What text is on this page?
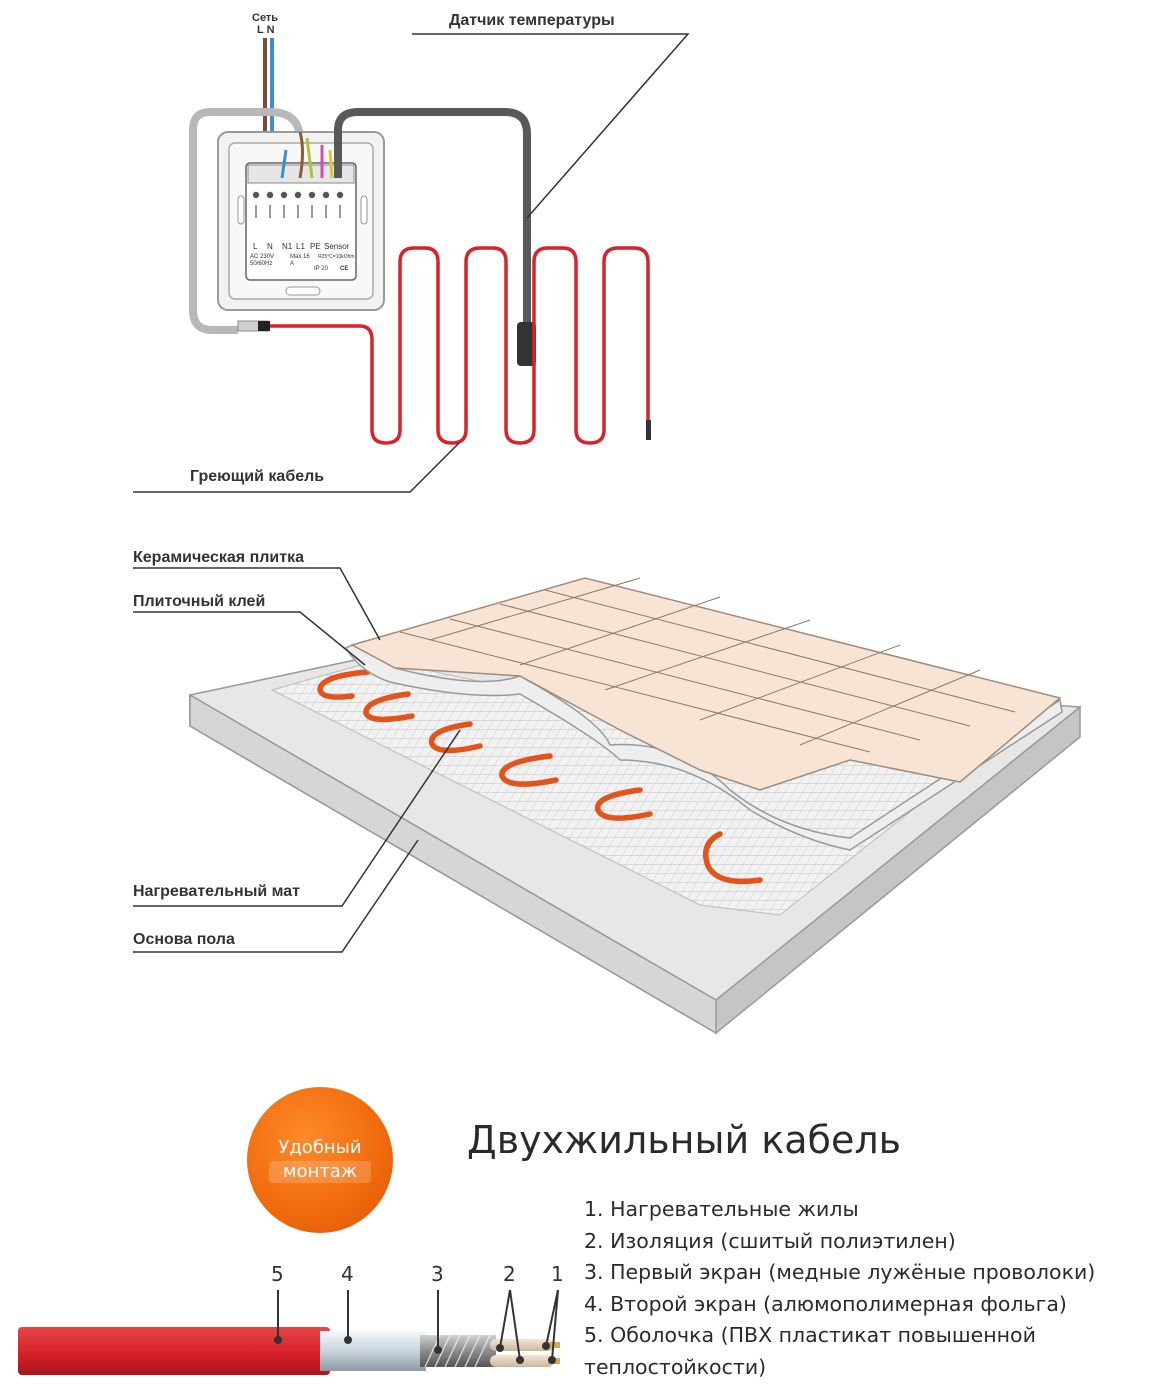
Сеть
L N
L N N1 L1 PE Sensor
AC 230V 50/60Hz
Max 16 A
R25°C=10kOhm
IP 20 CE
Датчик температуры
Греющий кабель
Керамическая плитка
Плиточный клей
Нагревательный мат
Основа пола
Удобный
монтаж
Двухжильный кабель
1. Нагревательные жилы
2. Изоляция (сшитый полиэтилен)
3. Первый экран (медные лужёные проволоки)
4. Второй экран (алюмополимерная фольга)
5. Оболочка (ПВХ пластикат повышенной
теплостойкости)
5	4	3	2 1
